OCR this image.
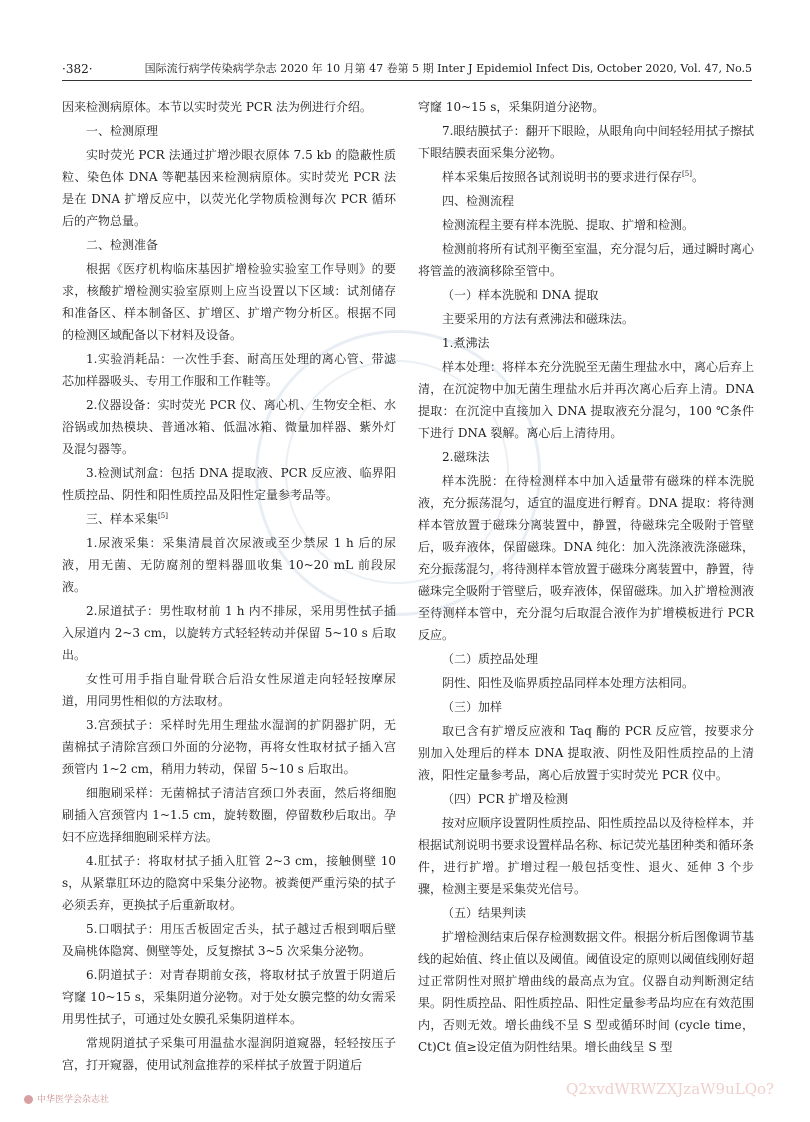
·382·	国际流行病学传染病学杂志 2020 年 10 月第 47 卷第 5 期 Inter J Epidemiol Infect Dis, October 2020, Vol. 47, No.5

因来检测病原体。本节以实时荧光 PCR 法为例进行介绍。

一、检测原理

实时荧光 PCR 法通过扩增沙眼衣原体 7.5 kb 的隐蔽性质粒、染色体 DNA 等靶基因来检测病原体。实时荧光 PCR 法是在 DNA 扩增反应中，以荧光化学物质检测每次 PCR 循环后的产物总量。

二、检测准备

根据《医疗机构临床基因扩增检验实验室工作导则》的要求，核酸扩增检测实验室原则上应当设置以下区域：试剂储存和准备区、样本制备区、扩增区、扩增产物分析区。根据不同的检测区域配备以下材料及设备。

1.实验消耗品：一次性手套、耐高压处理的离心管、带滤芯加样器吸头、专用工作服和工作鞋等。

2.仪器设备：实时荧光 PCR 仪、离心机、生物安全柜、水浴锅或加热模块、普通冰箱、低温冰箱、微量加样器、紫外灯及混匀器等。

3.检测试剂盒：包括 DNA 提取液、PCR 反应液、临界阳性质控品、阴性和阳性质控品及阳性定量参考品等。

三、样本采集[5]

1.尿液采集：采集清晨首次尿液或至少禁尿 1 h 后的尿液，用无菌、无防腐剂的塑料器皿收集 10~20 mL 前段尿液。

2.尿道拭子：男性取材前 1 h 内不排尿，采用男性拭子插入尿道内 2~3 cm，以旋转方式轻轻转动并保留 5~10 s 后取出。

女性可用手指自耻骨联合后沿女性尿道走向轻轻按摩尿道，用同男性相似的方法取材。

3.宫颈拭子：采样时先用生理盐水湿润的扩阴器扩阴，无菌棉拭子清除宫颈口外面的分泌物，再将女性取材拭子插入宫颈管内 1~2 cm，稍用力转动，保留 5~10 s 后取出。

细胞刷采样：无菌棉拭子清洁宫颈口外表面，然后将细胞刷插入宫颈管内 1~1.5 cm，旋转数圈，停留数秒后取出。孕妇不应选择细胞刷采样方法。

4.肛拭子：将取材拭子插入肛管 2~3 cm，接触侧壁 10 s，从紧靠肛环边的隐窝中采集分泌物。被粪便严重污染的拭子必须丢弃，更换拭子后重新取材。

5.口咽拭子：用压舌板固定舌头，拭子越过舌根到咽后壁及扁桃体隐窝、侧壁等处，反复擦拭 3~5 次采集分泌物。

6.阴道拭子：对青春期前女孩，将取材拭子放置于阴道后穹窿 10~15 s，采集阴道分泌物。对于处女膜完整的幼女需采用男性拭子，可通过处女膜孔采集阴道样本。

常规阴道拭子采集可用温盐水湿润阴道窥器，轻轻按压子宫，打开窥器，使用试剂盒推荐的采样拭子放置于阴道后

穹窿 10~15 s，采集阴道分泌物。

7.眼结膜拭子：翻开下眼睑，从眼角向中间轻轻用拭子擦拭下眼结膜表面采集分泌物。

样本采集后按照各试剂说明书的要求进行保存[5]。

四、检测流程

检测流程主要有样本洗脱、提取、扩增和检测。

检测前将所有试剂平衡至室温，充分混匀后，通过瞬时离心将管盖的液滴移除至管中。

（一）样本洗脱和 DNA 提取

主要采用的方法有煮沸法和磁珠法。

1.煮沸法

样本处理：将样本充分洗脱至无菌生理盐水中，离心后弃上清，在沉淀物中加无菌生理盐水后并再次离心后弃上清。DNA 提取：在沉淀中直接加入 DNA 提取液充分混匀，100 ℃条件下进行 DNA 裂解。离心后上清待用。

2.磁珠法

样本洗脱：在待检测样本中加入适量带有磁珠的样本洗脱液，充分振荡混匀，适宜的温度进行孵育。DNA 提取：将待测样本管放置于磁珠分离装置中，静置，待磁珠完全吸附于管壁后，吸弃液体，保留磁珠。DNA 纯化：加入洗涤液洗涤磁珠，充分振荡混匀，将待测样本管放置于磁珠分离装置中，静置，待磁珠完全吸附于管壁后，吸弃液体，保留磁珠。加入扩增检测液至待测样本管中，充分混匀后取混合液作为扩增模板进行 PCR 反应。

（二）质控品处理

阴性、阳性及临界质控品同样本处理方法相同。

（三）加样

取已含有扩增反应液和 Taq 酶的 PCR 反应管，按要求分别加入处理后的样本 DNA 提取液、阴性及阳性质控品的上清液，阳性定量参考品，离心后放置于实时荧光 PCR 仪中。

（四）PCR 扩增及检测

按对应顺序设置阴性质控品、阳性质控品以及待检样本，并根据试剂说明书要求设置样品名称、标记荧光基团种类和循环条件，进行扩增。扩增过程一般包括变性、退火、延伸 3 个步骤，检测主要是采集荧光信号。

（五）结果判读

扩增检测结束后保存检测数据文件。根据分析后图像调节基线的起始值、终止值以及阈值。阈值设定的原则以阈值线刚好超过正常阴性对照扩增曲线的最高点为宜。仪器自动判断测定结果。阴性质控品、阳性质控品、阳性定量参考品均应在有效范围内，否则无效。增长曲线不呈 S 型或循环时间 (cycle time，Ct)Ct 值≥设定值为阴性结果。增长曲线呈 S 型

中华医学会杂志社
Q2xvdWRWZXJzaW9uLQo?
